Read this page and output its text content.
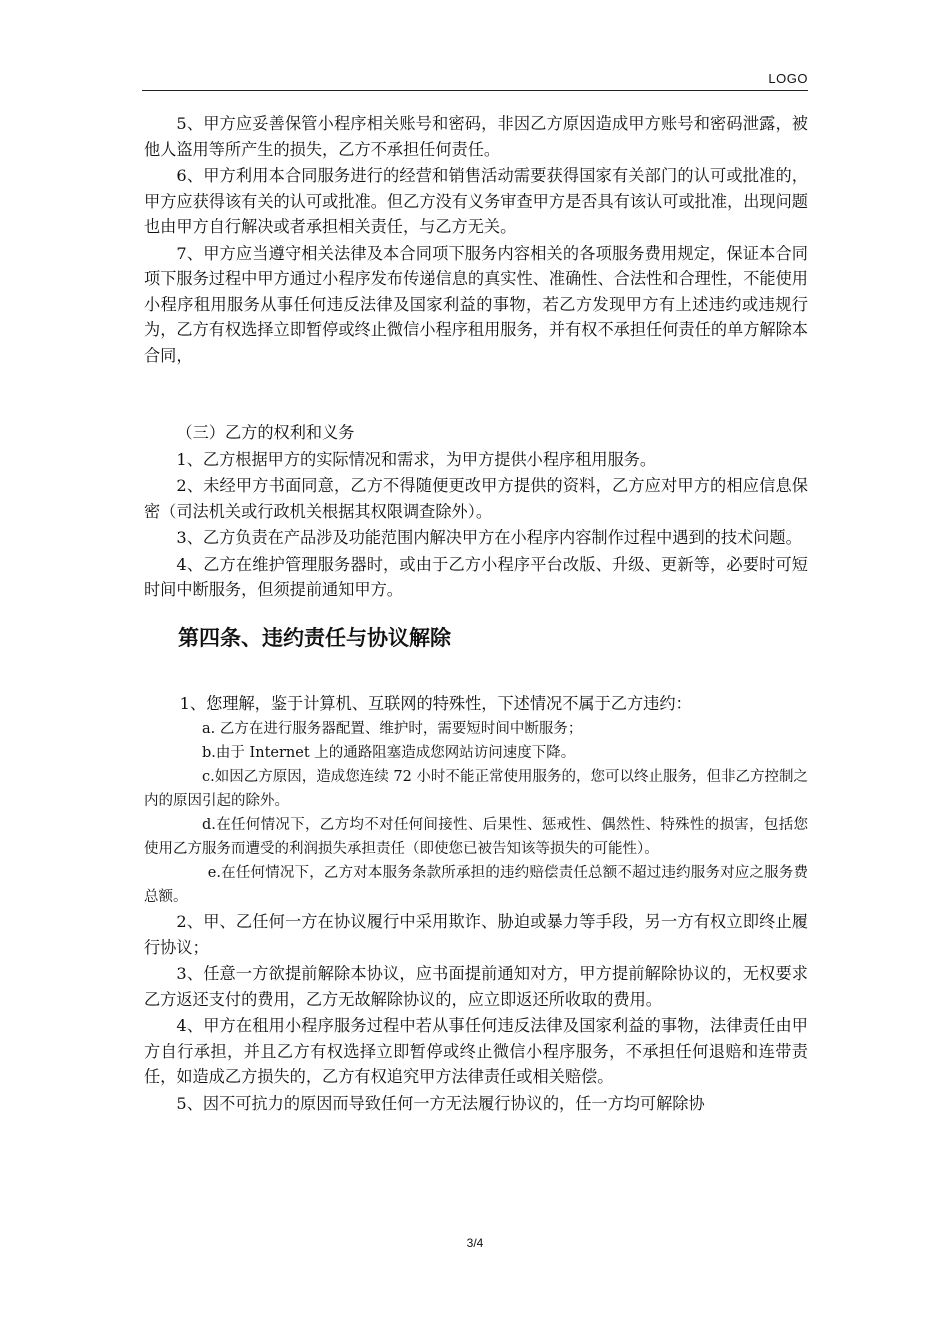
LOGO

5、甲方应妥善保管小程序相关账号和密码，非因乙方原因造成甲方账号和密码泄露，被他人盗用等所产生的损失，乙方不承担任何责任。

6、甲方利用本合同服务进行的经营和销售活动需要获得国家有关部门的认可或批准的，甲方应获得该有关的认可或批准。但乙方没有义务审查甲方是否具有该认可或批准，出现问题也由甲方自行解决或者承担相关责任，与乙方无关。

7、甲方应当遵守相关法律及本合同项下服务内容相关的各项服务费用规定，保证本合同项下服务过程中甲方通过小程序发布传递信息的真实性、准确性、合法性和合理性，不能使用小程序租用服务从事任何违反法律及国家利益的事物，若乙方发现甲方有上述违约或违规行为，乙方有权选择立即暂停或终止微信小程序租用服务，并有权不承担任何责任的单方解除本合同，

（三）乙方的权利和义务

1、乙方根据甲方的实际情况和需求，为甲方提供小程序租用服务。

2、未经甲方书面同意，乙方不得随便更改甲方提供的资料，乙方应对甲方的相应信息保密（司法机关或行政机关根据其权限调查除外）。

3、乙方负责在产品涉及功能范围内解决甲方在小程序内容制作过程中遇到的技术问题。

4、乙方在维护管理服务器时，或由于乙方小程序平台改版、升级、更新等，必要时可短时间中断服务，但须提前通知甲方。

第四条、违约责任与协议解除

1、您理解，鉴于计算机、互联网的特殊性，下述情况不属于乙方违约：

a. 乙方在进行服务器配置、维护时，需要短时间中断服务；
b.由于 Internet 上的通路阻塞造成您网站访问速度下降。
c.如因乙方原因，造成您连续 72 小时不能正常使用服务的，您可以终止服务，但非乙方控制之内的原因引起的除外。
d.在任何情况下，乙方均不对任何间接性、后果性、惩戒性、偶然性、特殊性的损害，包括您使用乙方服务而遭受的利润损失承担责任（即使您已被告知该等损失的可能性）。
e.在任何情况下，乙方对本服务条款所承担的违约赔偿责任总额不超过违约服务对应之服务费总额。

2、甲、乙任何一方在协议履行中采用欺诈、胁迫或暴力等手段，另一方有权立即终止履行协议；

3、任意一方欲提前解除本协议，应书面提前通知对方，甲方提前解除协议的，无权要求乙方返还支付的费用，乙方无故解除协议的，应立即返还所收取的费用。

4、甲方在租用小程序服务过程中若从事任何违反法律及国家利益的事物，法律责任由甲方自行承担，并且乙方有权选择立即暂停或终止微信小程序服务，不承担任何退赔和连带责任，如造成乙方损失的，乙方有权追究甲方法律责任或相关赔偿。

5、因不可抗力的原因而导致任何一方无法履行协议的，任一方均可解除协

3/4
